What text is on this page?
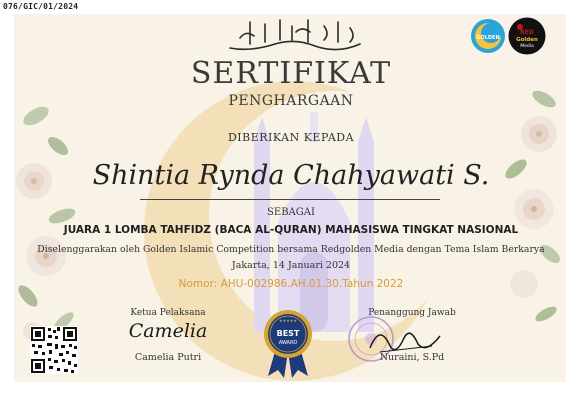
076/GIC/01/2024
GOLDEN
RED
Golden
Media
SERTIFIKAT
PENGHARGAAN
DIBERIKAN KEPADA
Shintia Rynda Chahyawati S.
SEBAGAI
JUARA 1 LOMBA TAHFIDZ (BACA AL-QURAN) MAHASISWA TINGKAT NASIONAL
Diselenggarakan oleh Golden Islamic Competition bersama Redgolden Media dengan Tema Islam Berkarya
Jakarta, 14 Januari 2024
Nomor: AHU-002986.AH.01.30.Tahun 2022
Ketua Pelaksana
Camelia
Camelia Putri
★★★★★
BEST
AWARD
Penanggung Jawab
Nuraini, S.Pd
